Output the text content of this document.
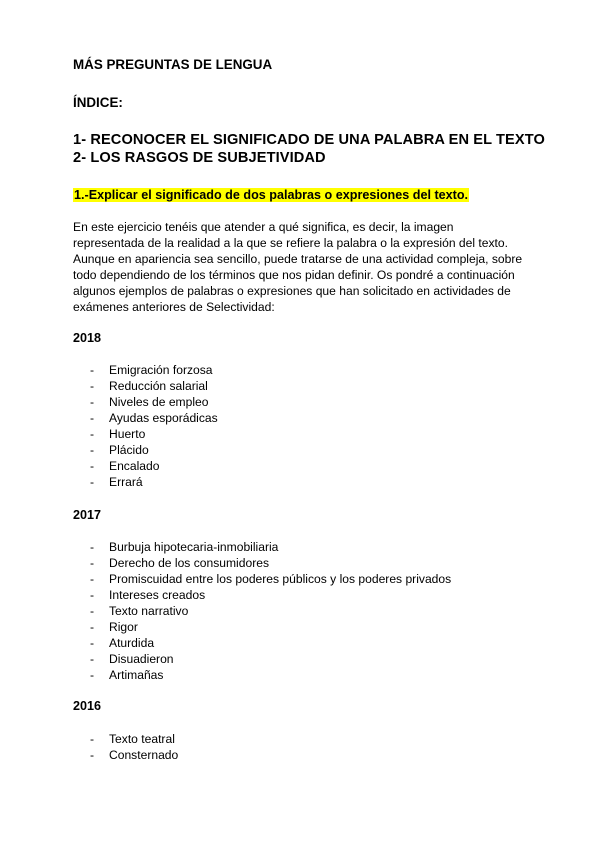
MÁS PREGUNTAS DE LENGUA
ÍNDICE:
1- RECONOCER EL SIGNIFICADO DE UNA PALABRA EN EL TEXTO
2- LOS RASGOS DE SUBJETIVIDAD
1.-Explicar el significado de dos palabras o expresiones del texto.
En este ejercicio tenéis que atender a qué significa, es decir, la imagen
representada de la realidad a la que se refiere la palabra o la expresión del texto.
Aunque en apariencia sea sencillo, puede tratarse de una actividad compleja, sobre
todo dependiendo de los términos que nos pidan definir. Os pondré a continuación
algunos ejemplos de palabras o expresiones que han solicitado en actividades de
exámenes anteriores de Selectividad:
2018
- Emigración forzosa
- Reducción salarial
- Niveles de empleo
- Ayudas esporádicas
- Huerto
- Plácido
- Encalado
- Errará
2017
- Burbuja hipotecaria-inmobiliaria
- Derecho de los consumidores
- Promiscuidad entre los poderes públicos y los poderes privados
- Intereses creados
- Texto narrativo
- Rigor
- Aturdida
- Disuadieron
- Artimañas
2016
- Texto teatral
- Consternado
